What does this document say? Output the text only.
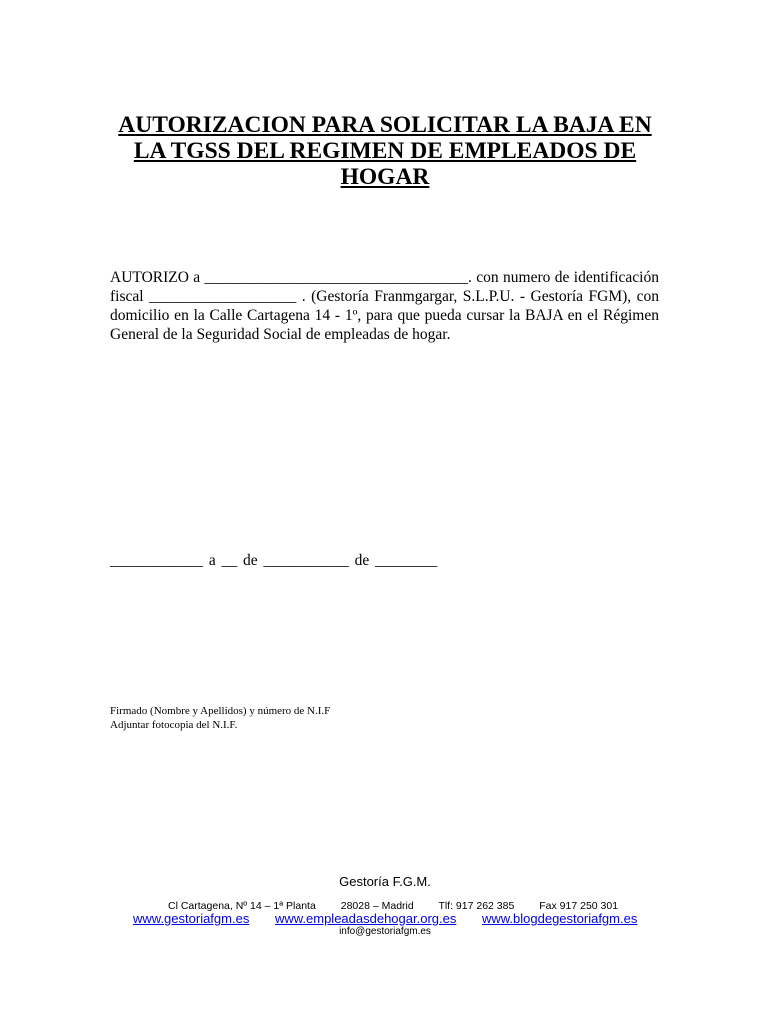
AUTORIZACION PARA SOLICITAR LA BAJA EN
LA TGSS DEL REGIMEN DE EMPLEADOS DE
HOGAR
AUTORIZO a __________________________________. con numero de identificación
fiscal ___________________ . (Gestoría Franmgargar, S.L.P.U. - Gestoría FGM), con
domicilio en la Calle Cartagena 14 - 1º, para que pueda cursar la BAJA en el Régimen
General de la Seguridad Social de empleadas de hogar.
____________ a __ de ___________ de ________
Firmado (Nombre y Apellidos) y número de N.I.F
Adjuntar fotocopia del N.I.F.
Gestoría F.G.M.
Cl Cartagena, Nº 14 – 1ª Planta 28028 – Madrid Tlf: 917 262 385 Fax 917 250 301
www.gestoriafgm.es www.empleadasdehogar.org.es www.blogdegestoriafgm.es
info@gestoriafgm.es
